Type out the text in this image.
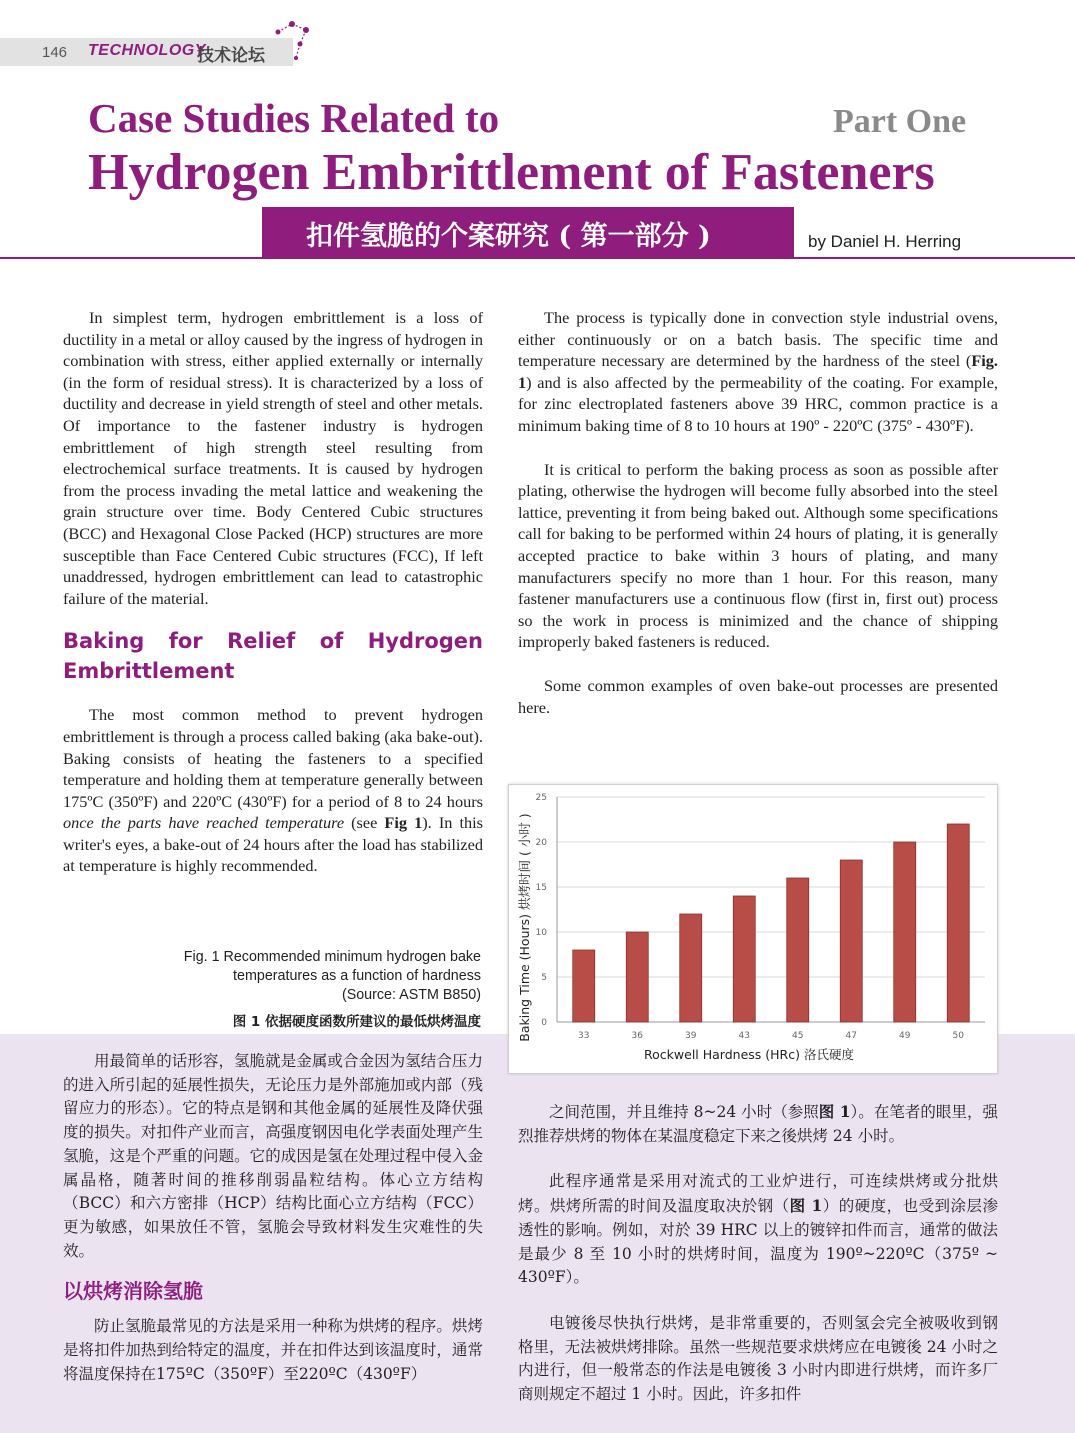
146 TECHNOLOGY
技术论坛
Case Studies Related to	Part One
Hydrogen Embrittlement of Fasteners
扣件氢脆的个案研究 ( 第一部分 )	by Daniel H. Herring

In simplest term, hydrogen embrittlement is a loss of ductility in a metal or alloy caused by the ingress of hydrogen in combination with stress, either applied externally or internally (in the form of residual stress). It is characterized by a loss of ductility and decrease in yield strength of steel and other metals. Of importance to the fastener industry is hydrogen embrittlement of high strength steel resulting from electrochemical surface treatments. It is caused by hydrogen from the process invading the metal lattice and weakening the grain structure over time. Body Centered Cubic structures (BCC) and Hexagonal Close Packed (HCP) structures are more susceptible than Face Centered Cubic structures (FCC), If left unaddressed, hydrogen embrittlement can lead to catastrophic failure of the material.

Baking for Relief of Hydrogen Embrittlement

The most common method to prevent hydrogen embrittlement is through a process called baking (aka bake-out). Baking consists of heating the fasteners to a specified temperature and holding them at temperature generally between 175ºC (350ºF) and 220ºC (430ºF) for a period of 8 to 24 hours once the parts have reached temperature (see Fig 1). In this writer's eyes, a bake-out of 24 hours after the load has stabilized at temperature is highly recommended.

Fig. 1 Recommended minimum hydrogen bake
temperatures as a function of hardness
(Source: ASTM B850)

The process is typically done in convection style industrial ovens, either continuously or on a batch basis. The specific time and temperature necessary are determined by the hardness of the steel (Fig. 1) and is also affected by the permeability of the coating. For example, for zinc electroplated fasteners above 39 HRC, common practice is a minimum baking time of 8 to 10 hours at 190º - 220ºC (375º - 430ºF).

It is critical to perform the baking process as soon as possible after plating, otherwise the hydrogen will become fully absorbed into the steel lattice, preventing it from being baked out. Although some specifications call for baking to be performed within 24 hours of plating, it is generally accepted practice to bake within 3 hours of plating, and many manufacturers specify no more than 1 hour. For this reason, many fastener manufacturers use a continuous flow (first in, first out) process so the work in process is minimized and the chance of shipping improperly baked fasteners is reduced.

Some common examples of oven bake-out processes are presented here.

图 1 依据硬度函数所建议的最低烘烤温度

用最简单的话形容，氢脆就是金属或合金因为氢结合压力的进入所引起的延展性损失，无论压力是外部施加或内部（残留应力的形态）。它的特点是钢和其他金属的延展性及降伏强度的损失。对扣件产业而言，高强度钢因电化学表面处理产生氢脆，这是个严重的问题。它的成因是氢在处理过程中侵入金属晶格，随著时间的推移削弱晶粒结构。体心立方结构（BCC）和六方密排（HCP）结构比面心立方结构（FCC）更为敏感，如果放任不管，氢脆会导致材料发生灾难性的失效。

以烘烤消除氢脆

防止氢脆最常见的方法是采用一种称为烘烤的程序。烘烤是将扣件加热到给特定的温度，并在扣件达到该温度时，通常将温度保持在175ºC（350ºF）至220ºC（430ºF）

之间范围，并且维持 8~24 小时（参照图 1）。在笔者的眼里，强烈推荐烘烤的物体在某温度稳定下来之後烘烤 24 小时。

此程序通常是采用对流式的工业炉进行，可连续烘烤或分批烘烤。烘烤所需的时间及温度取决於钢（图 1）的硬度，也受到涂层渗透性的影响。例如，对於 39 HRC 以上的镀锌扣件而言，通常的做法是最少 8 至 10 小时的烘烤时间，温度为 190º~220ºC（375º ~ 430ºF）。

电镀後尽快执行烘烤，是非常重要的，否则氢会完全被吸收到钢格里，无法被烘烤排除。虽然一些规范要求烘烤应在电镀後 24 小时之内进行，但一般常态的作法是电镀後 3 小时内即进行烘烤，而许多厂商则规定不超过 1 小时。因此，许多扣件

0
5
10
15
20
25
33	36	39	43	45	47	49	50
Rockwell Hardness (HRc) 洛氏硬度
Baking Time (Hours) 烘烤时间 ( 小时 )
